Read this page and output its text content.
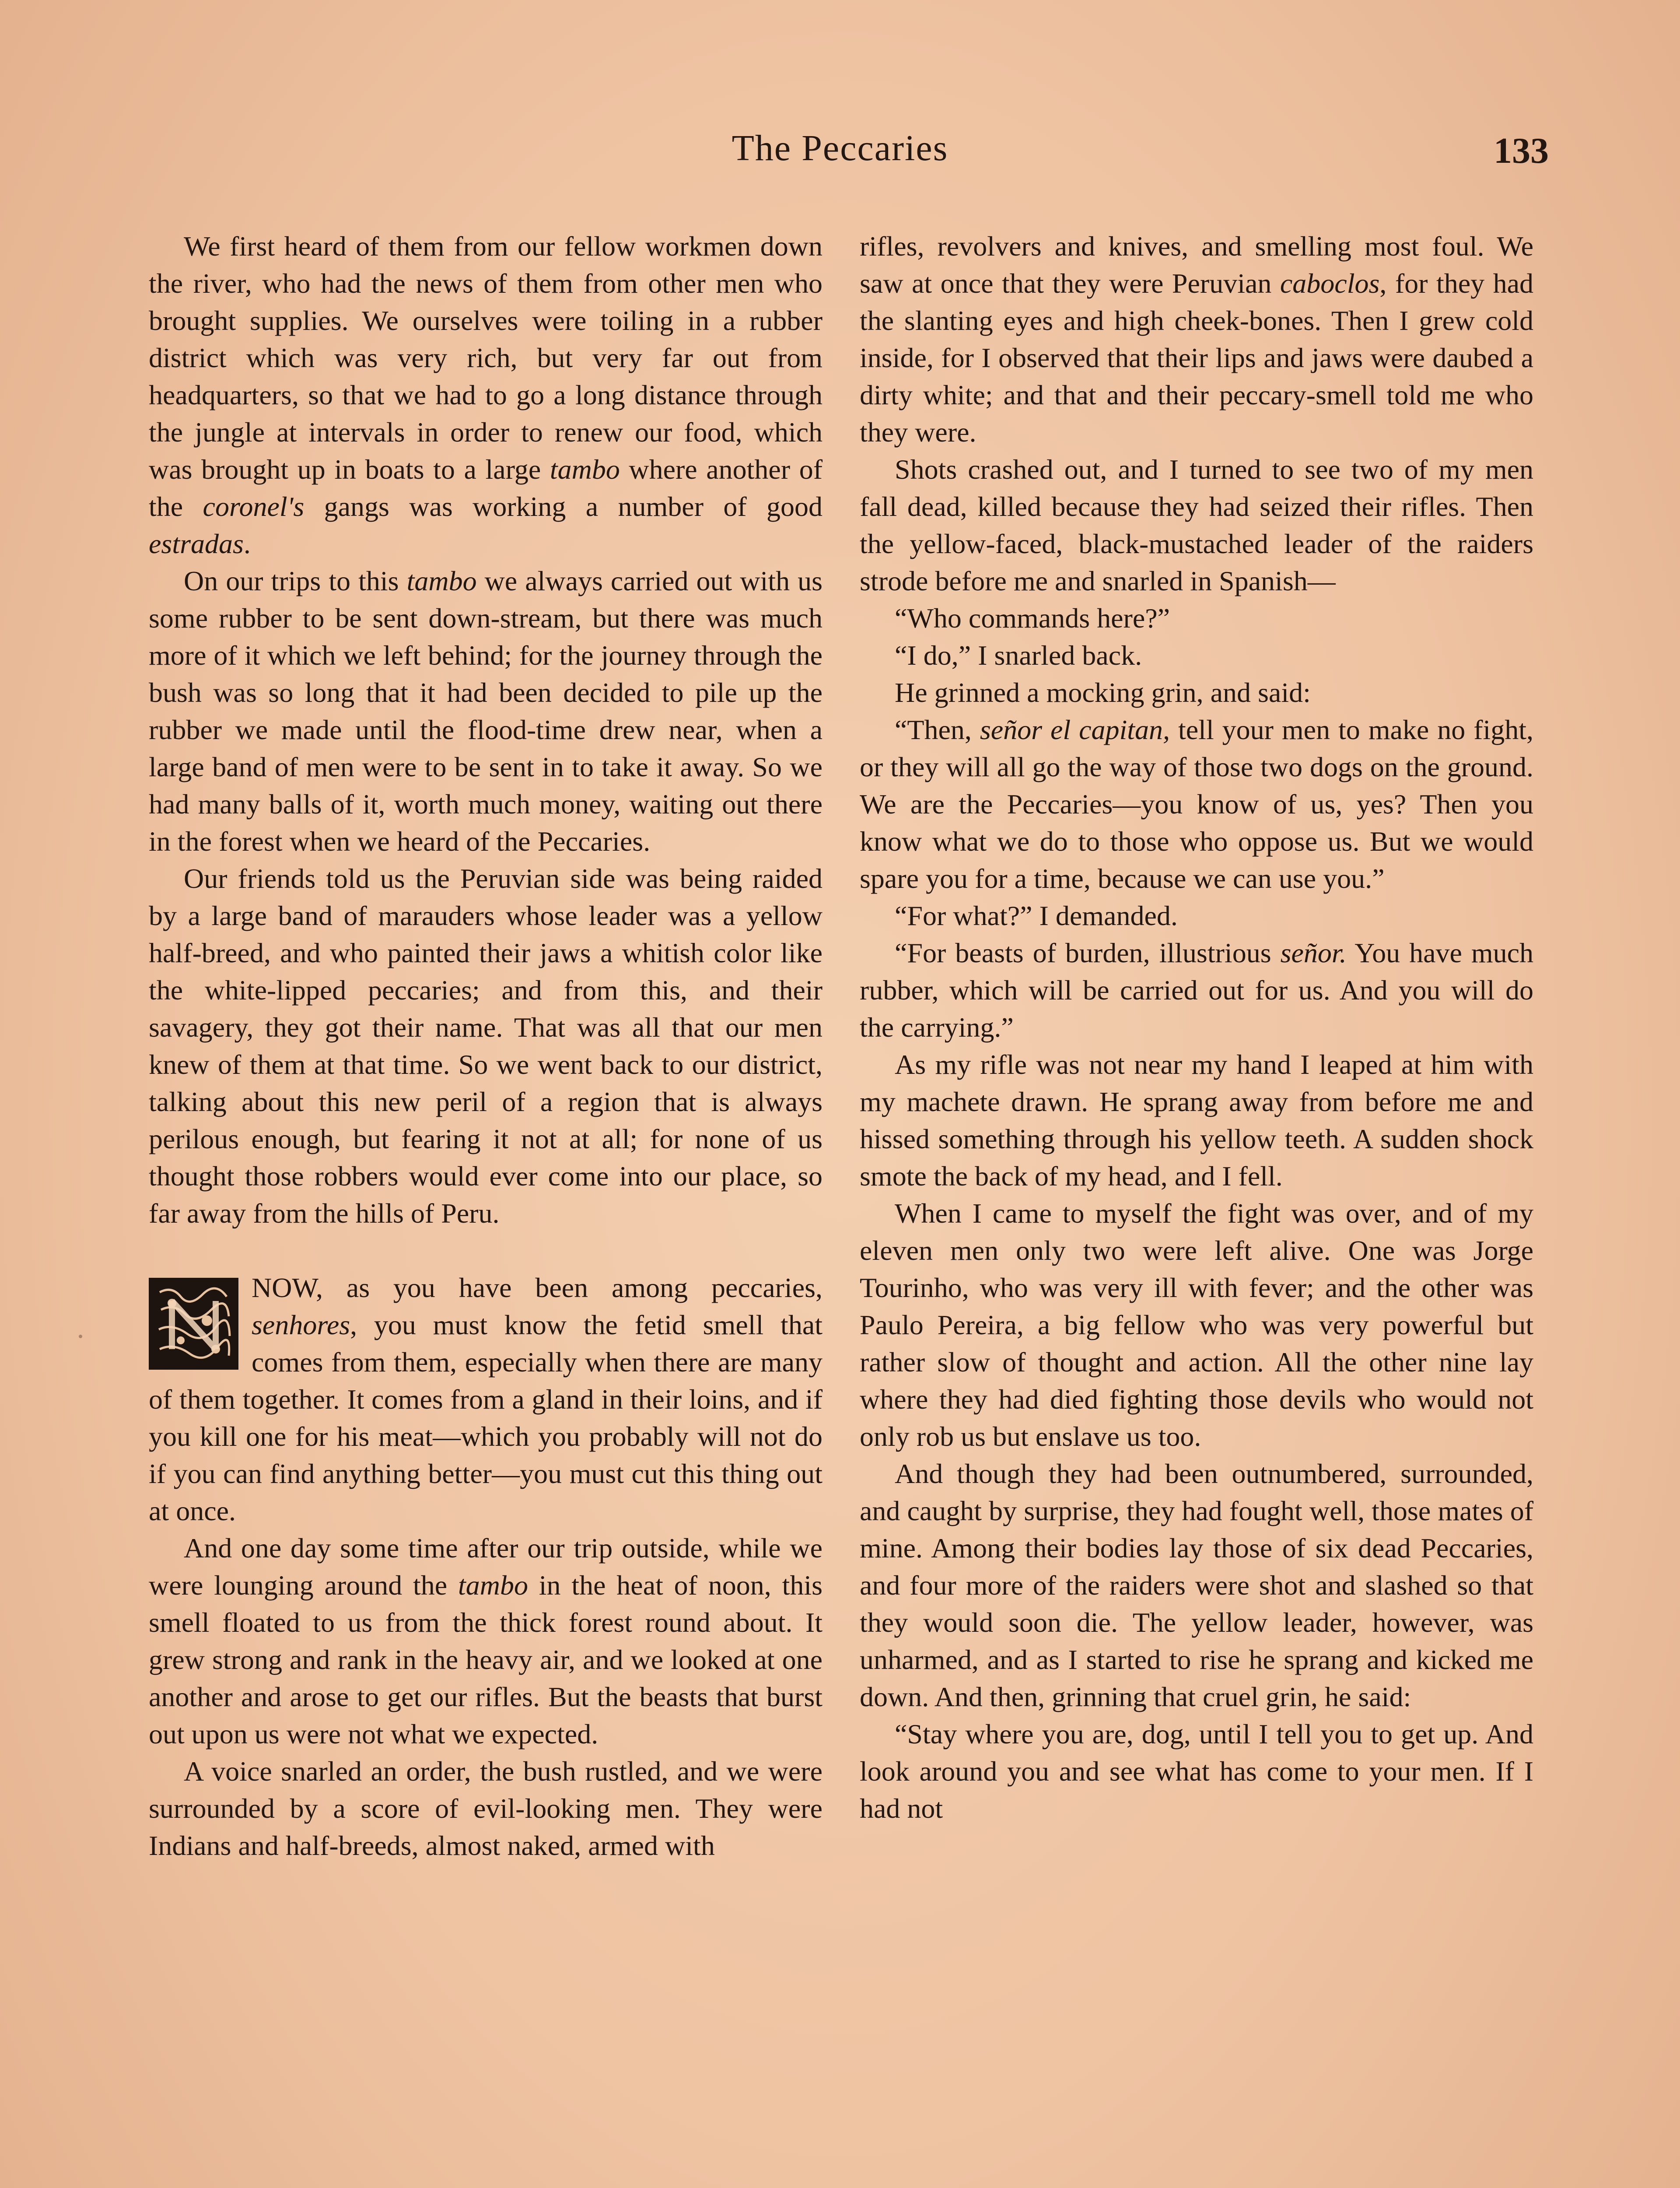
The Peccaries	133

We first heard of them from our fellow workmen down the river, who had the news of them from other men who brought supplies. We ourselves were toiling in a rubber district which was very rich, but very far out from headquarters, so that we had to go a long distance through the jungle at intervals in order to renew our food, which was brought up in boats to a large tambo where another of the coronel's gangs was working a number of good estradas.

On our trips to this tambo we always carried out with us some rubber to be sent down-stream, but there was much more of it which we left behind; for the journey through the bush was so long that it had been decided to pile up the rubber we made until the flood-time drew near, when a large band of men were to be sent in to take it away. So we had many balls of it, worth much money, waiting out there in the forest when we heard of the Peccaries.

Our friends told us the Peruvian side was being raided by a large band of marauders whose leader was a yellow half-breed, and who painted their jaws a whitish color like the white-lipped peccaries; and from this, and their savagery, they got their name. That was all that our men knew of them at that time. So we went back to our district, talking about this new peril of a region that is always perilous enough, but fearing it not at all; for none of us thought those robbers would ever come into our place, so far away from the hills of Peru.

NOW, as you have been among peccaries, senhores, you must know the fetid smell that comes from them, especially when there are many of them together. It comes from a gland in their loins, and if you kill one for his meat—which you probably will not do if you can find anything better—you must cut this thing out at once.

And one day some time after our trip outside, while we were lounging around the tambo in the heat of noon, this smell floated to us from the thick forest round about. It grew strong and rank in the heavy air, and we looked at one another and arose to get our rifles. But the beasts that burst out upon us were not what we expected.

A voice snarled an order, the bush rustled, and we were surrounded by a score of evil-looking men. They were Indians and half-breeds, almost naked, armed with

rifles, revolvers and knives, and smelling most foul. We saw at once that they were Peruvian caboclos, for they had the slanting eyes and high cheek-bones. Then I grew cold inside, for I observed that their lips and jaws were daubed a dirty white; and that and their peccary-smell told me who they were.

Shots crashed out, and I turned to see two of my men fall dead, killed because they had seized their rifles. Then the yellow-faced, black-mustached leader of the raiders strode before me and snarled in Spanish—

“Who commands here?”

“I do,” I snarled back.

He grinned a mocking grin, and said:

“Then, señor el capitan, tell your men to make no fight, or they will all go the way of those two dogs on the ground. We are the Peccaries—you know of us, yes? Then you know what we do to those who oppose us. But we would spare you for a time, because we can use you.”

“For what?” I demanded.

“For beasts of burden, illustrious señor. You have much rubber, which will be carried out for us. And you will do the carrying.”

As my rifle was not near my hand I leaped at him with my machete drawn. He sprang away from before me and hissed something through his yellow teeth. A sudden shock smote the back of my head, and I fell.

When I came to myself the fight was over, and of my eleven men only two were left alive. One was Jorge Tourinho, who was very ill with fever; and the other was Paulo Pereira, a big fellow who was very powerful but rather slow of thought and action. All the other nine lay where they had died fighting those devils who would not only rob us but enslave us too.

And though they had been outnumbered, surrounded, and caught by surprise, they had fought well, those mates of mine. Among their bodies lay those of six dead Peccaries, and four more of the raiders were shot and slashed so that they would soon die. The yellow leader, however, was unharmed, and as I started to rise he sprang and kicked me down. And then, grinning that cruel grin, he said:

“Stay where you are, dog, until I tell you to get up. And look around you and see what has come to your men. If I had not
